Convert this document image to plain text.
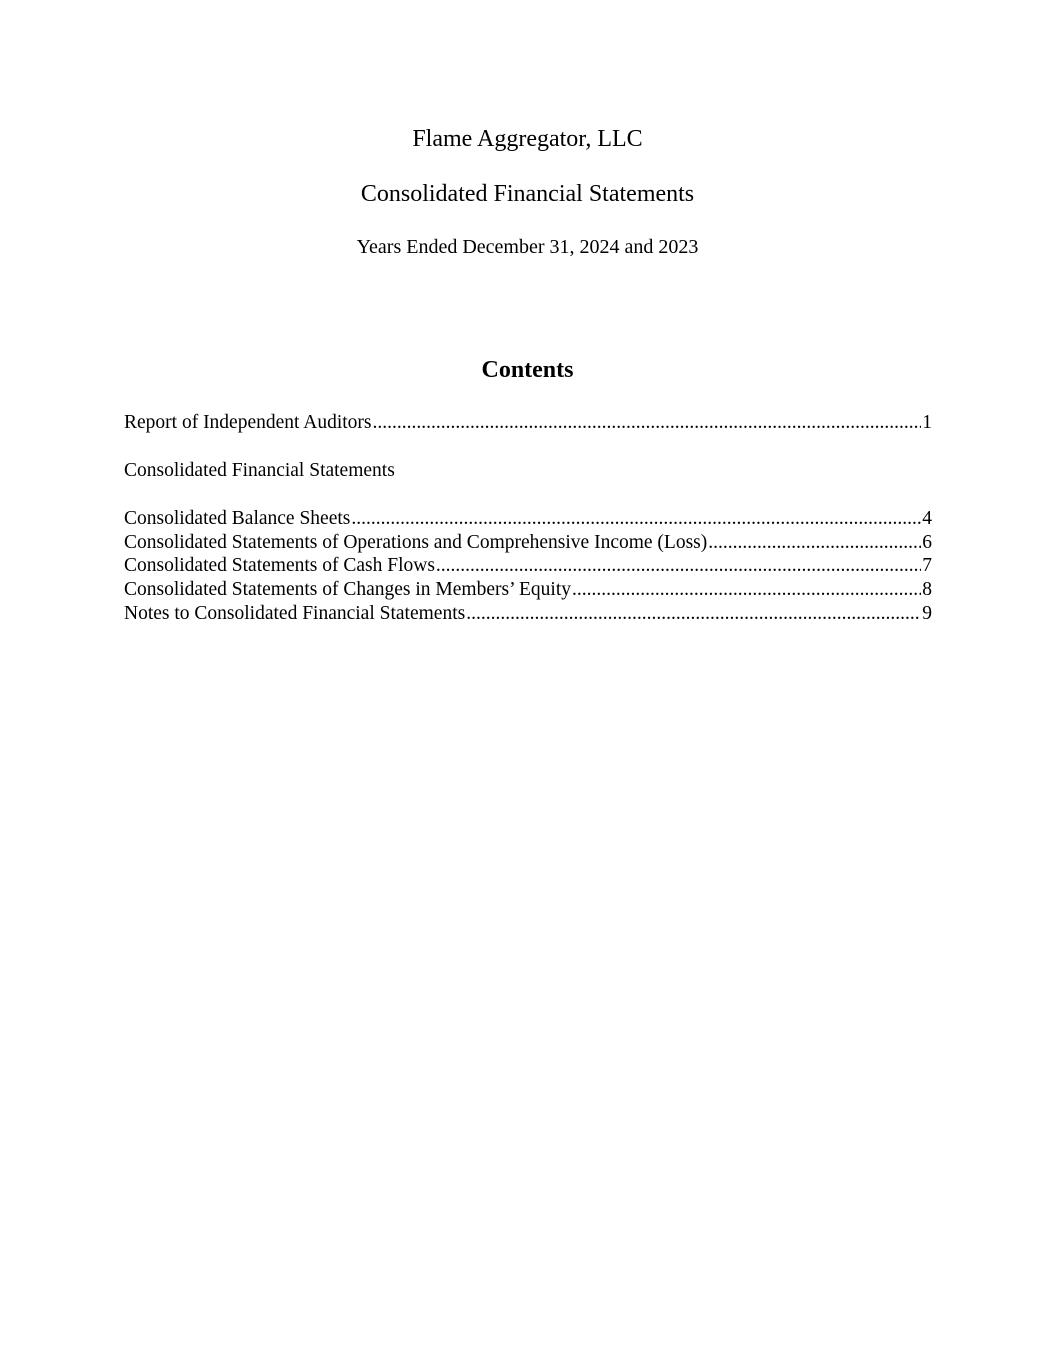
Flame Aggregator, LLC
Consolidated Financial Statements
Years Ended December 31, 2024 and 2023
Contents
Report of Independent Auditors .....	1
Consolidated Financial Statements
Consolidated Balance Sheets .....	4
Consolidated Statements of Operations and Comprehensive Income (Loss) .....	6
Consolidated Statements of Cash Flows .....	7
Consolidated Statements of Changes in Members’ Equity .....	8
Notes to Consolidated Financial Statements .....	9
